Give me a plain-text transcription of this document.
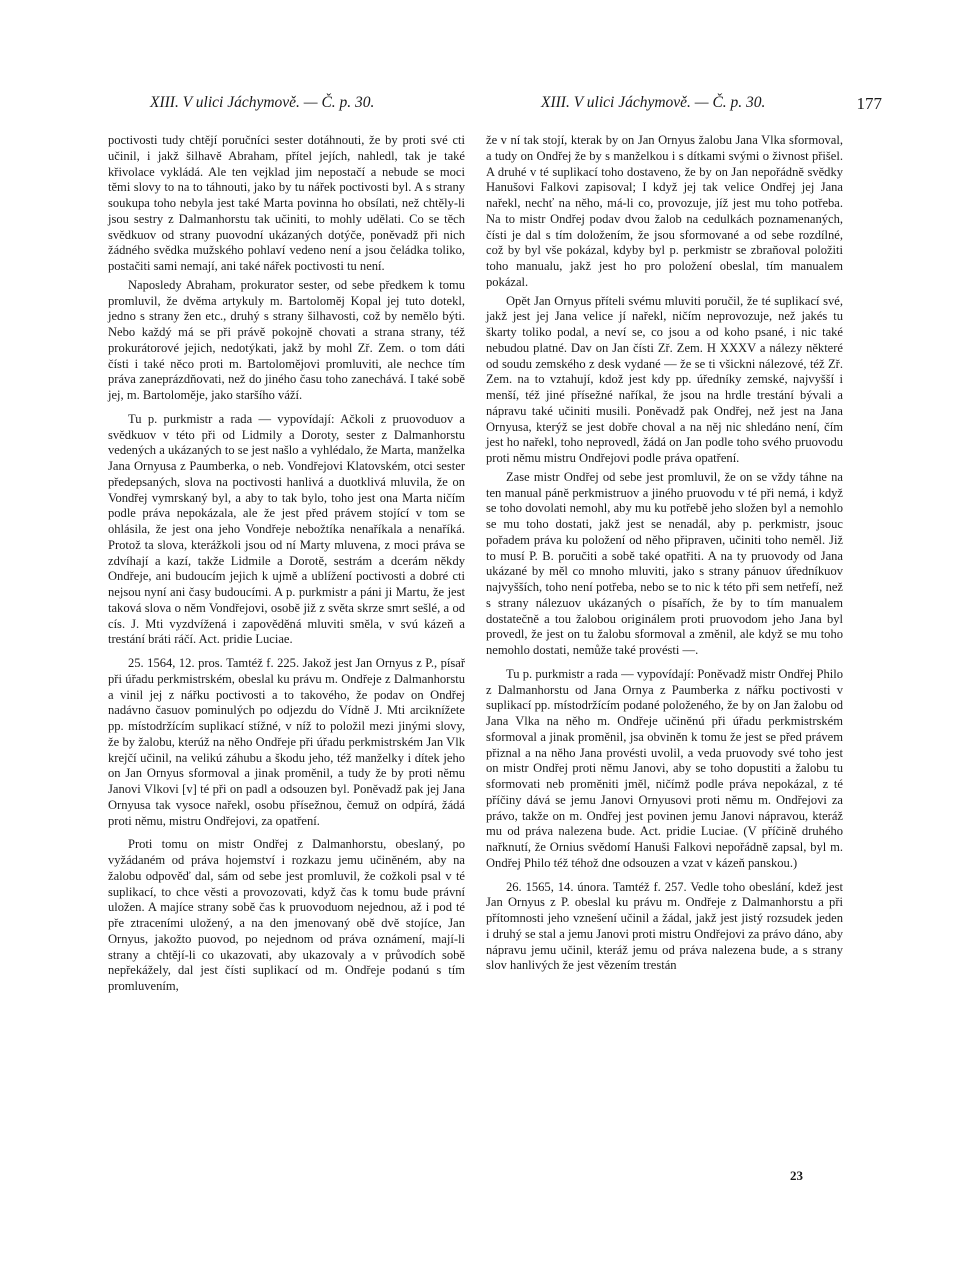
XIII. V ulici Jáchymově. — Č. p. 30.	XIII. V ulici Jáchymově. — Č. p. 30.	177

poctivosti tudy chtějí poručníci sester dotáhnouti, že by proti své cti učinil, i jakž šilhavě Abraham, přítel jejích, nahledl, tak je také křivolace vykládá. Ale ten vejklad jim nepostačí a nebude se moci těmi slovy to na to táhnouti, jako by tu nářek poctivosti byl. A s strany soukupa toho nebyla jest také Marta povinna ho obsílati, než chtěly-li jsou sestry z Dalmanhorstu tak učiniti, to mohly udělati. Co se těch svědkuov od strany puovodní ukázaných dotýče, poněvadž při nich žádného svědka mužského pohlaví vedeno není a jsou čeládka toliko, postačiti sami nemají, ani také nářek poctivosti tu není.

Naposledy Abraham, prokurator sester, od sebe předkem k tomu promluvil, že dvěma artykuly m. Bartoloměj Kopal jej tuto dotekl, jedno s strany žen etc., druhý s strany šilhavosti, což by nemělo býti. Nebo každý má se při právě pokojně chovati a strana strany, též prokurátorové jejich, nedotýkati, jakž by mohl Zř. Zem. o tom dáti čísti i také něco proti m. Bartolomějovi promluviti, ale nechce tím práva zaneprázdňovati, než do jiného času toho zanechává. I také sobě jej, m. Bartoloměje, jako staršího váží.

Tu p. purkmistr a rada — vypovídají: Ačkoli z pruovoduov a svědkuov v této při od Lidmily a Doroty, sester z Dalmanhorstu vedených a ukázaných to se jest našlo a vyhlédalo, že Marta, manželka Jana Ornyusa z Paumberka, o neb. Vondřejovi Klatovském, otci sester předepsaných, slova na poctivosti hanlivá a duotklivá mluvila, že on Vondřej vymrskaný byl, a aby to tak bylo, toho jest ona Marta ničím podle práva nepokázala, ale že jest před právem stojící v tom se ohlásila, že jest ona jeho Vondřeje nebožtíka nenaříkala a nenaříká. Protož ta slova, kterážkoli jsou od ní Marty mluvena, z moci práva se zdvíhají a kazí, takže Lidmile a Dorotě, sestrám a dcerám někdy Ondřeje, ani budoucím jejich k ujmě a ublížení poctivosti a dobré cti nejsou nyní ani časy budoucími. A p. purkmistr a páni ji Martu, že jest taková slova o něm Vondřejovi, osobě již z světa skrze smrt sešlé, a od cís. J. Mti vyzdvížená i zapověděná mluviti směla, v svú kázeň a trestání bráti ráčí. Act. pridie Luciae.

25. 1564, 12. pros. Tamtéž f. 225. Jakož jest Jan Ornyus z P., písař při úřadu perkmistrském, obeslal ku právu m. Ondřeje z Dalmanhorstu a vinil jej z nářku poctivosti a to takového, že podav on Ondřej nadávno časuov pominulých po odjezdu do Vídně J. Mti arciknížete pp. místodržícím suplikací stížné, v níž to položil mezi jinými slovy, že by žalobu, kterúž na něho Ondřeje při úřadu perkmistrském Jan Vlk krejčí učinil, na velikú záhubu a škodu jeho, též manželky i dítek jeho on Jan Ornyus sformoval a jinak proměnil, a tudy že by proti němu Janovi Vlkovi [v] té při on padl a odsouzen byl. Poněvadž pak jej Jana Ornyusa tak vysoce nařekl, osobu přísežnou, čemuž on odpírá, žádá proti němu, mistru Ondřejovi, za opatření.

Proti tomu on mistr Ondřej z Dalmanhorstu, obeslaný, po vyžádaném od práva hojemství i rozkazu jemu učiněném, aby na žalobu odpověď dal, sám od sebe jest promluvil, že cožkoli psal v té suplikací, to chce věsti a provozovati, když čas k tomu bude právní uložen. A majíce strany sobě čas k pruovoduom nejednou, až i pod té pře ztraceními uložený, a na den jmenovaný obě dvě stojíce, Jan Ornyus, jakožto puovod, po nejednom od práva oznámení, mají-li strany a chtějí-li co ukazovati, aby ukazovaly a v průvodích sobě nepřekážely, dal jest čísti suplikací od m. Ondřeje podanú s tím promluvením,

že v ní tak stojí, kterak by on Jan Ornyus žalobu Jana Vlka sformoval, a tudy on Ondřej že by s manželkou i s dítkami svými o živnost přišel. A druhé v té suplikací toho dostaveno, že by on Jan nepořádně svědky Hanušovi Falkovi zapisoval; I když jej tak velice Ondřej jej Jana nařekl, nechť na něho, má-li co, provozuje, jíž jest mu toho potřeba. Na to mistr Ondřej podav dvou žalob na cedulkách poznamenaných, čísti je dal s tím doložením, že jsou sformované a od sebe rozdílné, což by byl vše pokázal, kdyby byl p. perkmistr se zbraňoval položiti toho manualu, jakž jest ho pro položení obeslal, tím manualem pokázal.

Opět Jan Ornyus příteli svému mluviti poručil, že té suplikací své, jakž jest jej Jana velice jí nařekl, ničím neprovozuje, než jakés tu škarty toliko podal, a neví se, co jsou a od koho psané, i nic také nebudou platné. Dav on Jan čísti Zř. Zem. H XXXV a nálezy některé od soudu zemského z desk vydané — že se ti všickni nálezové, též Zř. Zem. na to vztahují, kdož jest kdy pp. úředníky zemské, najvyšší i menší, též jiné přísežné naříkal, že jsou na hrdle trestání bývali a nápravu také učiniti musili. Poněvadž pak Ondřej, než jest na Jana Ornyusa, kterýž se jest dobře choval a na něj nic shledáno není, čím jest ho nařekl, toho neprovedl, žádá on Jan podle toho svého pruovodu proti němu mistru Ondřejovi podle práva opatření.

Zase mistr Ondřej od sebe jest promluvil, že on se vždy táhne na ten manual páně perkmistruov a jiného pruovodu v té při nemá, i když se toho dovolati nemohl, aby mu ku potřebě jeho složen byl a nemohlo se mu toho dostati, jakž jest se nenadál, aby p. perkmistr, jsouc pořadem práva ku položení od něho připraven, učiniti toho neměl. Již to musí P. B. poručiti a sobě také opatřiti. A na ty pruovody od Jana ukázané by měl co mnoho mluviti, jako s strany pánuov úředníkuov najvyšších, toho není potřeba, nebo se to nic k této při sem netřefí, než s strany nálezuov ukázaných o písařích, že by to tím manualem dostatečně a tou žalobou originálem proti pruovodom jeho Jana byl provedl, že jest on tu žalobu sformoval a změnil, ale když se mu toho nemohlo dostati, nemůže také provésti —.

Tu p. purkmistr a rada — vypovídají: Poněvadž mistr Ondřej Philo z Dalmanhorstu od Jana Ornya z Paumberka z nářku poctivosti v suplikací pp. místodržícím podané položeného, že by on Jan žalobu od Jana Vlka na něho m. Ondřeje učiněnú při úřadu perkmistrském sformoval a jinak proměnil, jsa obviněn k tomu že jest se před právem přiznal a na něho Jana provésti uvolil, a veda pruovody své toho jest on mistr Ondřej proti němu Janovi, aby se toho dopustiti a žalobu tu sformovati neb proměniti jměl, ničímž podle práva nepokázal, z té příčiny dává se jemu Janovi Ornyusovi proti němu m. Ondřejovi za právo, takže on m. Ondřej jest povinen jemu Janovi nápravou, kteráž mu od práva nalezena bude. Act. pridie Luciae. (V příčině druhého nařknutí, že Ornius svědomí Hanuši Falkovi nepořádně zapsal, byl m. Ondřej Philo též téhož dne odsouzen a vzat v kázeň panskou.)

26. 1565, 14. února. Tamtéž f. 257. Vedle toho obeslání, kdež jest Jan Ornyus z P. obeslal ku právu m. Ondřeje z Dalmanhorstu a při přítomnosti jeho vznešení učinil a žádal, jakž jest jistý rozsudek jeden i druhý se stal a jemu Janovi proti mistru Ondřejovi za právo dáno, aby nápravu jemu učinil, kteráž jemu od práva nalezena bude, a s strany slov hanlivých že jest vězením trestán

23
